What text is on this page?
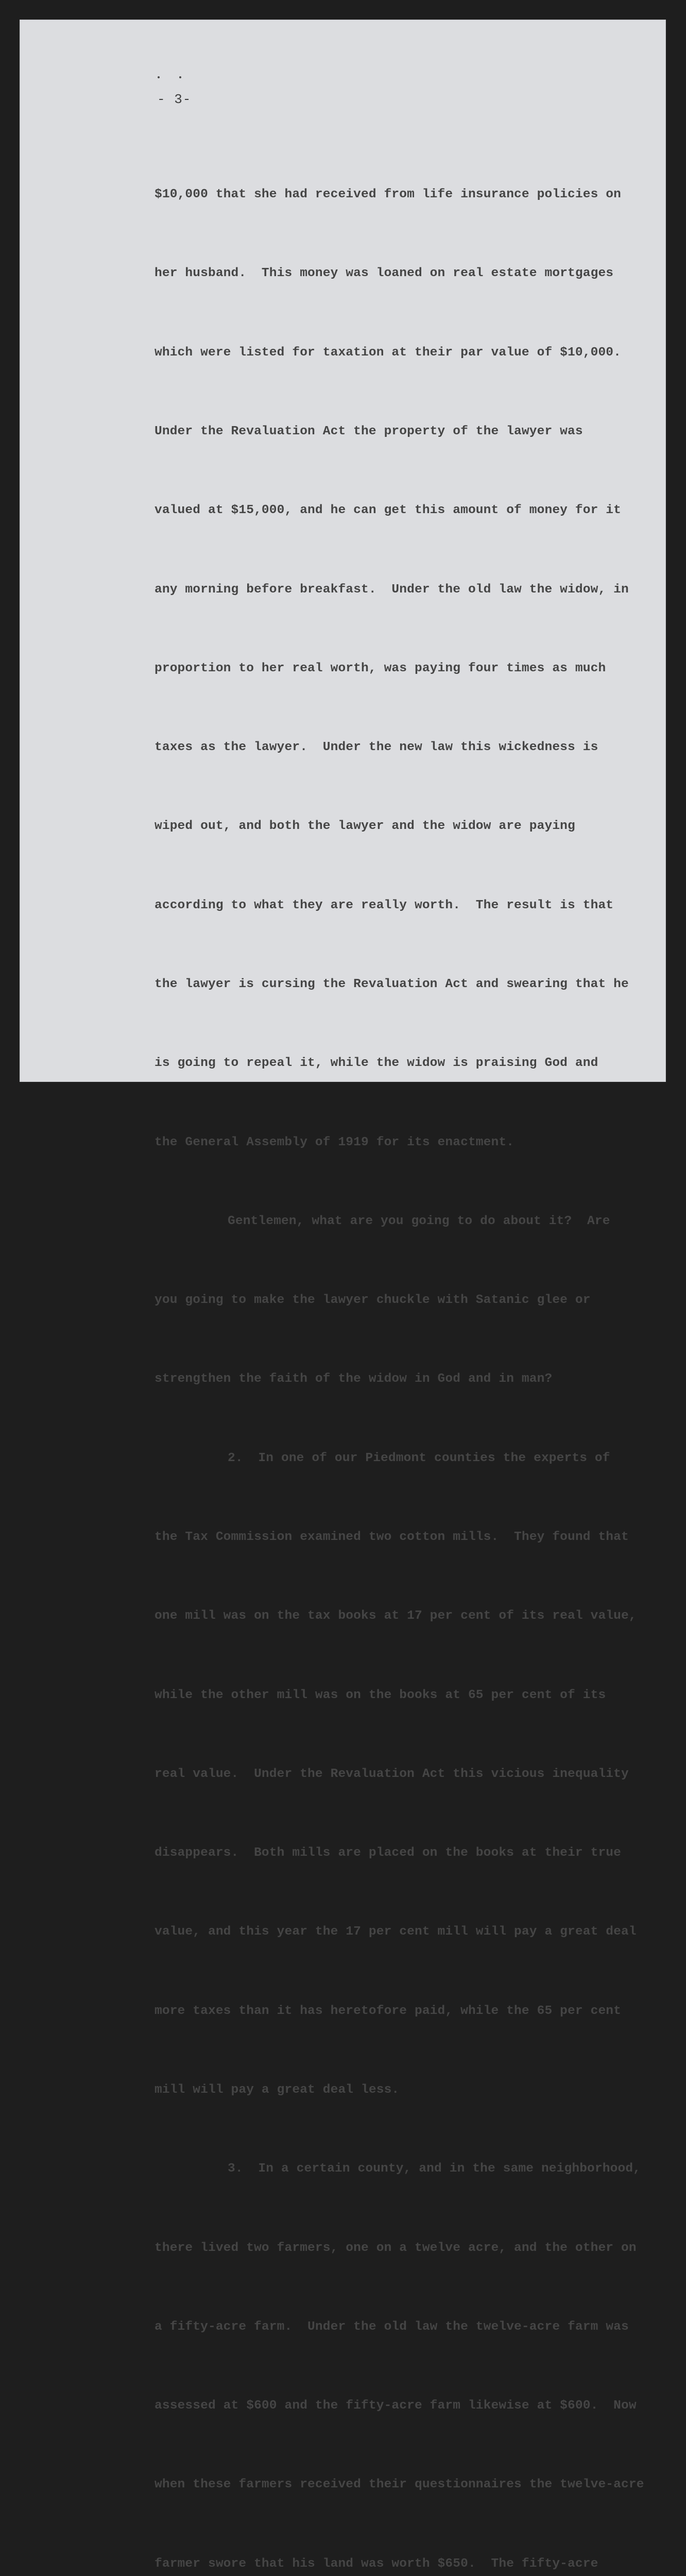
- 3-

$10,000 that she had received from life insurance policies on

her husband.  This money was loaned on real estate mortgages

which were listed for taxation at their par value of $10,000.

Under the Revaluation Act the property of the lawyer was

valued at $15,000, and he can get this amount of money for it

any morning before breakfast.  Under the old law the widow, in

proportion to her real worth, was paying four times as much

taxes as the lawyer.  Under the new law this wickedness is

wiped out, and both the lawyer and the widow are paying

according to what they are really worth.  The result is that

the lawyer is cursing the Revaluation Act and swearing that he

is going to repeal it, while the widow is praising God and

the General Assembly of 1919 for its enactment.

Gentlemen, what are you going to do about it?  Are

you going to make the lawyer chuckle with Satanic glee or

strengthen the faith of the widow in God and in man?

2.  In one of our Piedmont counties the experts of

the Tax Commission examined two cotton mills.  They found that

one mill was on the tax books at 17 per cent of its real value,

while the other mill was on the books at 65 per cent of its

real value.  Under the Revaluation Act this vicious inequality

disappears.  Both mills are placed on the books at their true

value, and this year the 17 per cent mill will pay a great deal

more taxes than it has heretofore paid, while the 65 per cent

mill will pay a great deal less.

3.  In a certain county, and in the same neighborhood,

there lived two farmers, one on a twelve acre, and the other on

a fifty-acre farm.  Under the old law the twelve-acre farm was

assessed at $600 and the fifty-acre farm likewise at $600.  Now

when these farmers received their questionnaires the twelve-acre

farmer swore that his land was worth $650.  The fifty-acre
